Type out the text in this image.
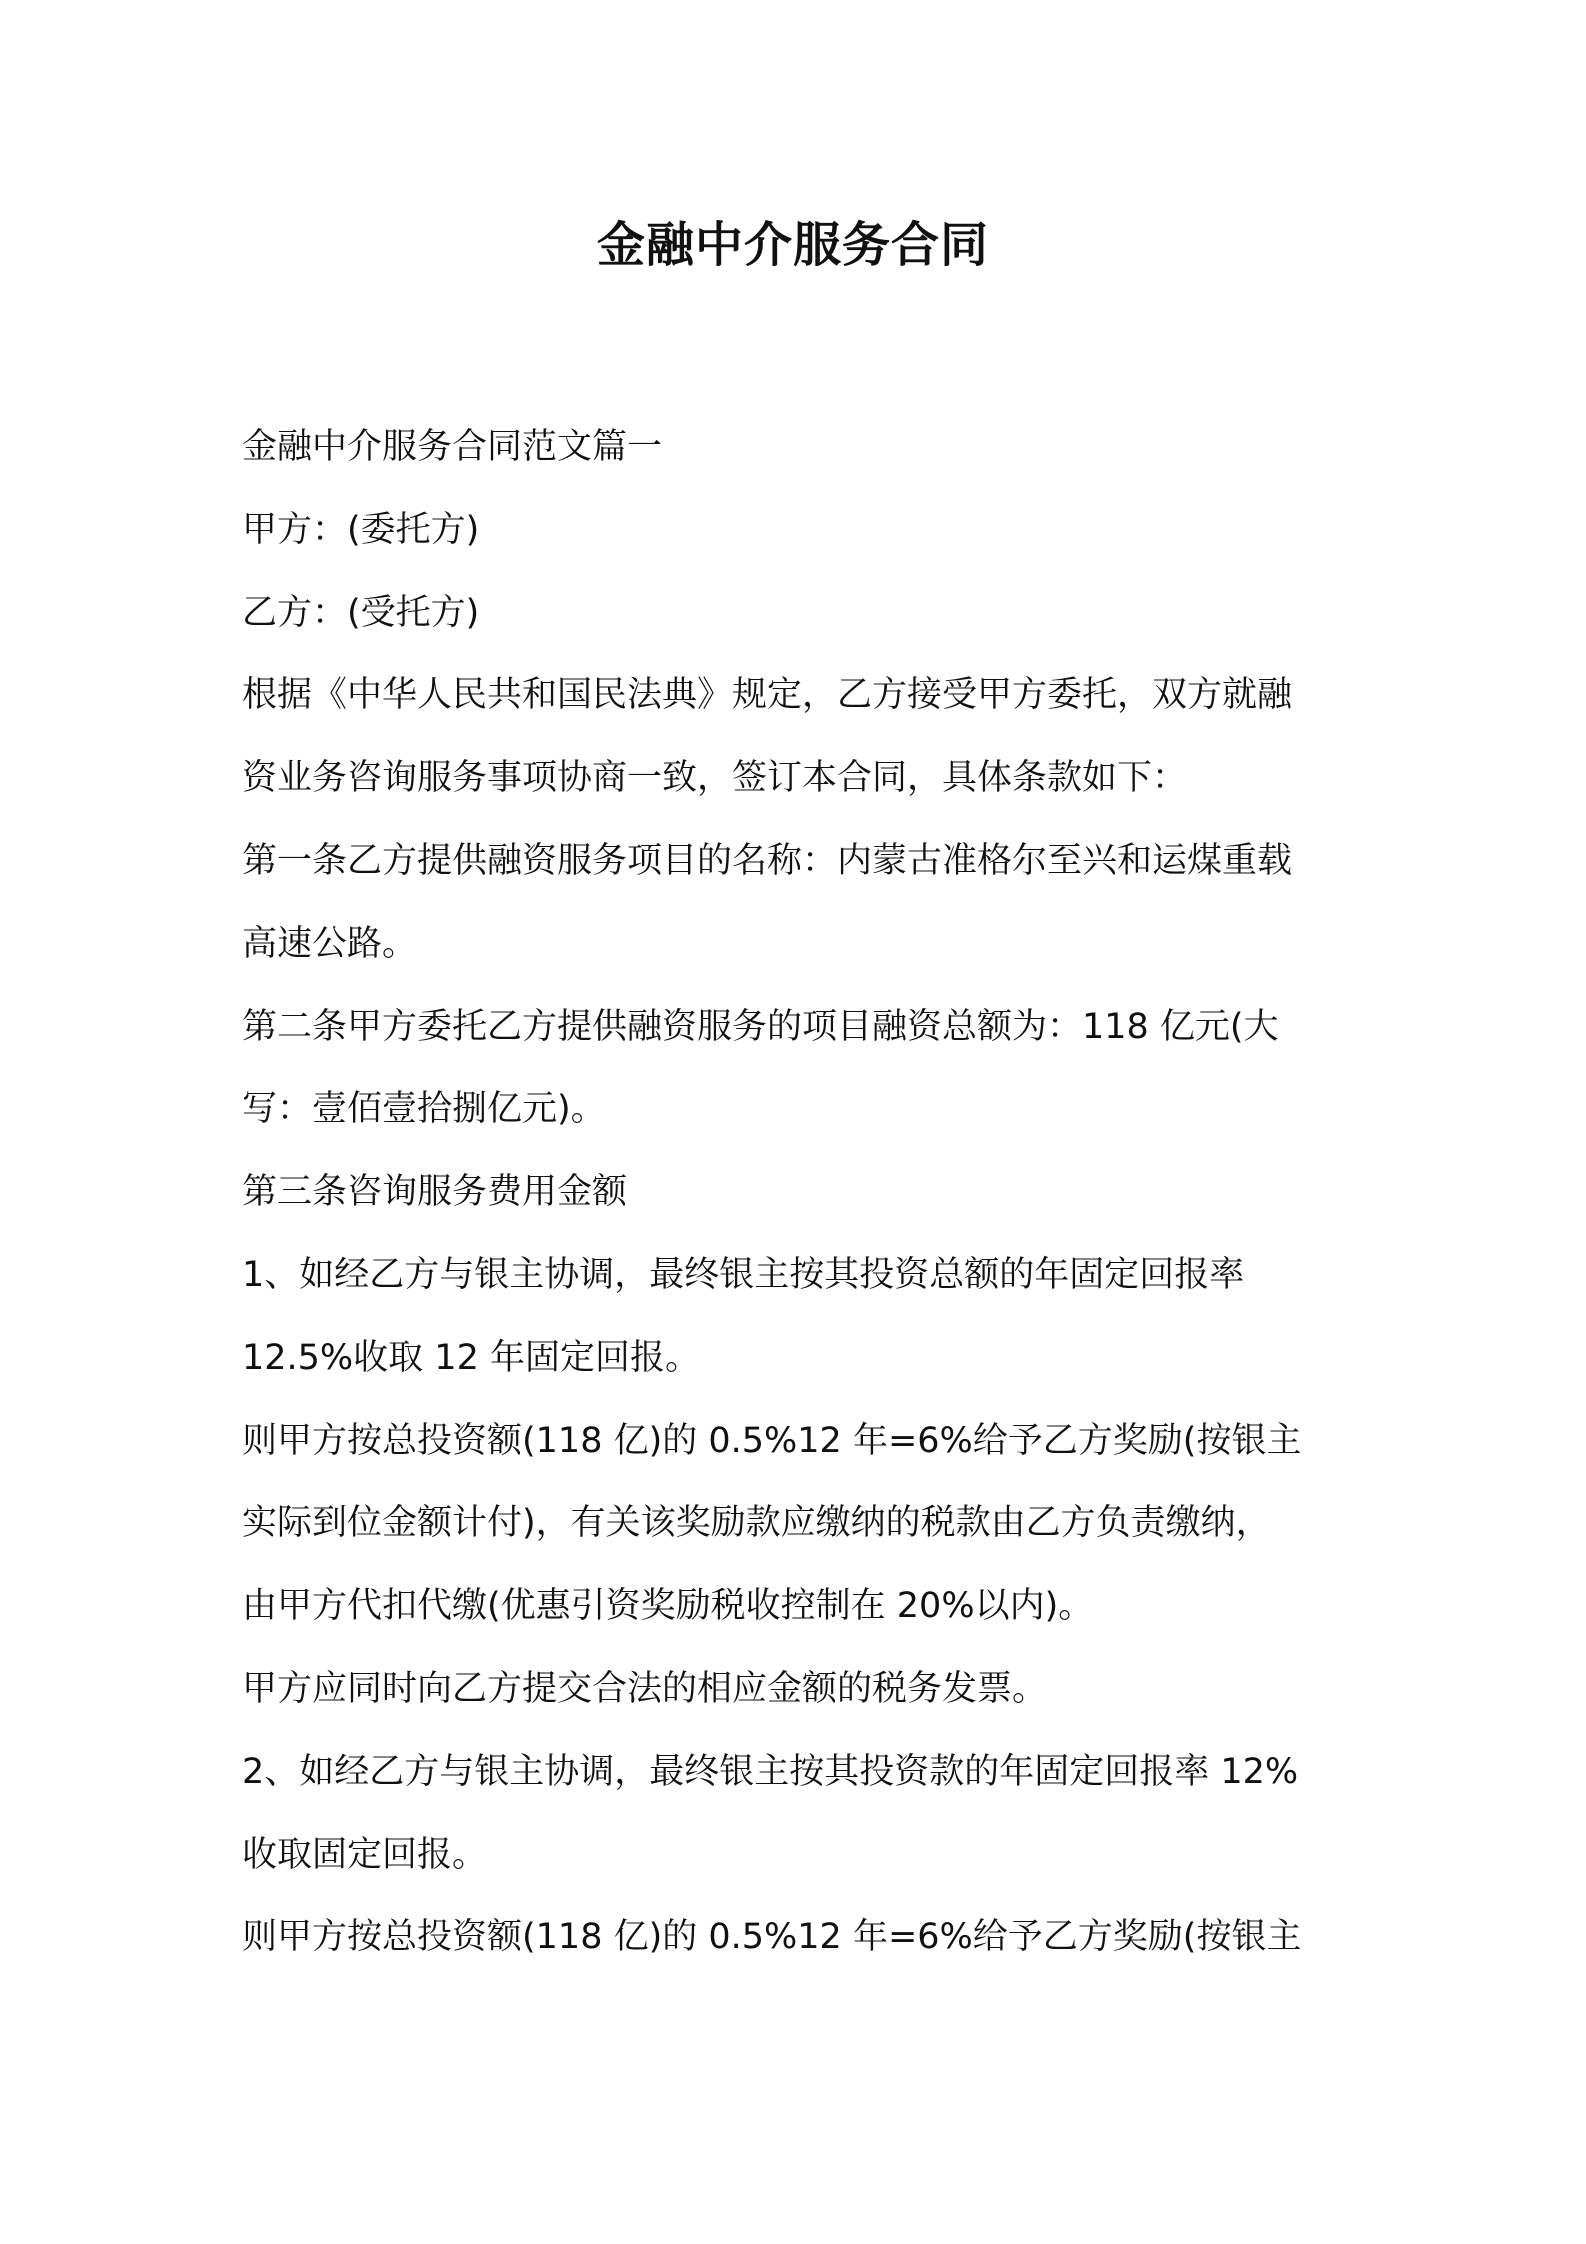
金融中介服务合同
金融中介服务合同范文篇一
甲方：(委托方)
乙方：(受托方)
根据《中华人民共和国民法典》规定，乙方接受甲方委托，双方就融
资业务咨询服务事项协商一致，签订本合同，具体条款如下：
第一条乙方提供融资服务项目的名称：内蒙古准格尔至兴和运煤重载
高速公路。
第二条甲方委托乙方提供融资服务的项目融资总额为：118 亿元(大
写：壹佰壹拾捌亿元)。
第三条咨询服务费用金额
1、如经乙方与银主协调，最终银主按其投资总额的年固定回报率
12.5%收取 12 年固定回报。
则甲方按总投资额(118 亿)的 0.5%12 年=6%给予乙方奖励(按银主
实际到位金额计付)，有关该奖励款应缴纳的税款由乙方负责缴纳，
由甲方代扣代缴(优惠引资奖励税收控制在 20%以内)。
甲方应同时向乙方提交合法的相应金额的税务发票。
2、如经乙方与银主协调，最终银主按其投资款的年固定回报率 12%
收取固定回报。
则甲方按总投资额(118 亿)的 0.5%12 年=6%给予乙方奖励(按银主
